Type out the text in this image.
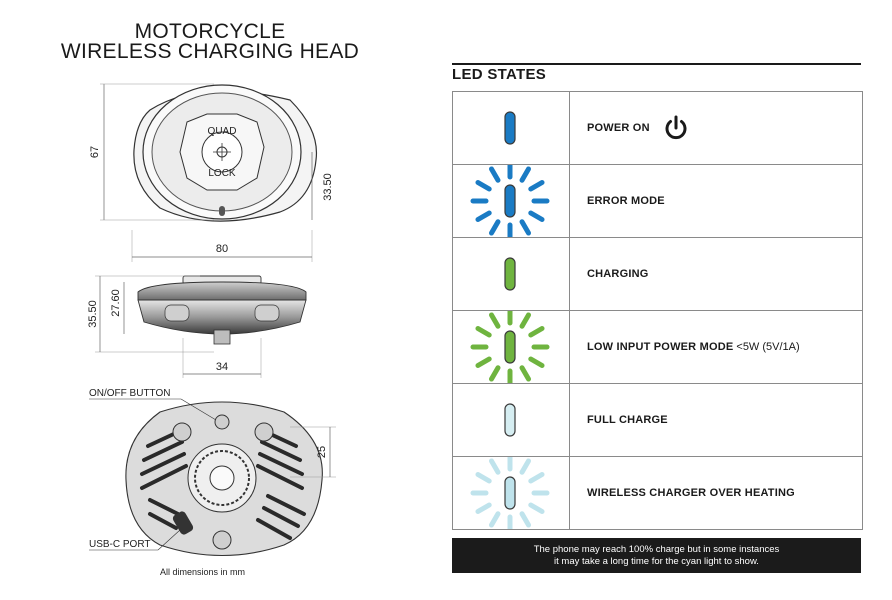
MOTORCYCLE
WIRELESS CHARGING HEAD
QUAD
LOCK
67
33.50
80
35.50 27.60
34
ON/OFF BUTTON
USB-C PORT
25
All dimensions in mm
LED STATES
POWER ON
ERROR MODE
CHARGING
LOW INPUT POWER MODE <5W (5V/1A)
FULL CHARGE
WIRELESS CHARGER OVER HEATING
The phone may reach 100% charge but in some instances
it may take a long time for the cyan light to show.
